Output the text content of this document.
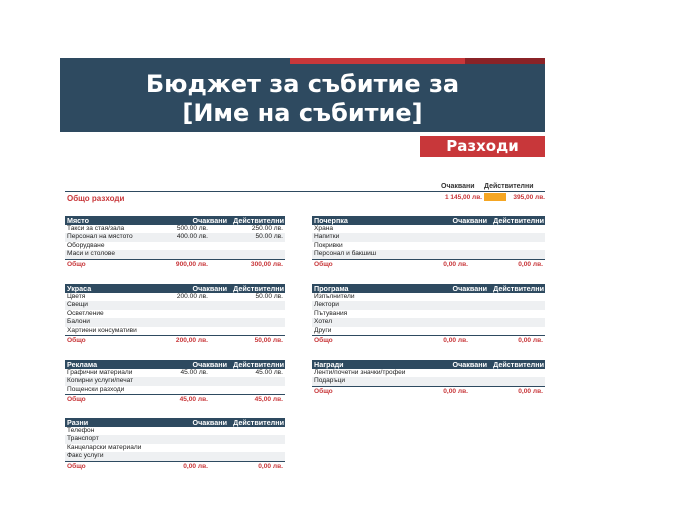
Бюджет за събитие за
[Име на събитие]
Разходи
Очаквани Действителни
Общо разходи	1 145,00 лв.	395,00 лв.
Място	Очаквани Действителни
Такси за стая/зала	500.00 лв.	250.00 лв.
Персонал на мястото	400.00 лв.	50.00 лв.
Оборудване
Маси и столове
Общо	900,00 лв.	300,00 лв.
Почерпка	Очаквани Действителни
Храна
Напитки
Покривки
Персонал и бакшиш
Общо	0,00 лв.	0,00 лв.
Украса	Очаквани Действителни
Цветя	200.00 лв.	50.00 лв.
Свещи
Осветление
Балони
Хартиени консумативи
Общо	200,00 лв.	50,00 лв.
Програма	Очаквани Действителни
Изпълнители
Лектори
Пътувания
Хотел
Други
Общо	0,00 лв.	0,00 лв.
Реклама	Очаквани Действителни
Графични материали	45.00 лв.	45.00 лв.
Копирни услуги/печат
Пощенски разходи
Общо	45,00 лв.	45,00 лв.
Награди	Очаквани Действителни
Ленти/почетни значки/трофеи
Подаръци
Общо	0,00 лв.	0,00 лв.
Разни	Очаквани Действителни
Телефон
Транспорт
Канцеларски материали
Факс услуги
Общо	0,00 лв.	0,00 лв.
